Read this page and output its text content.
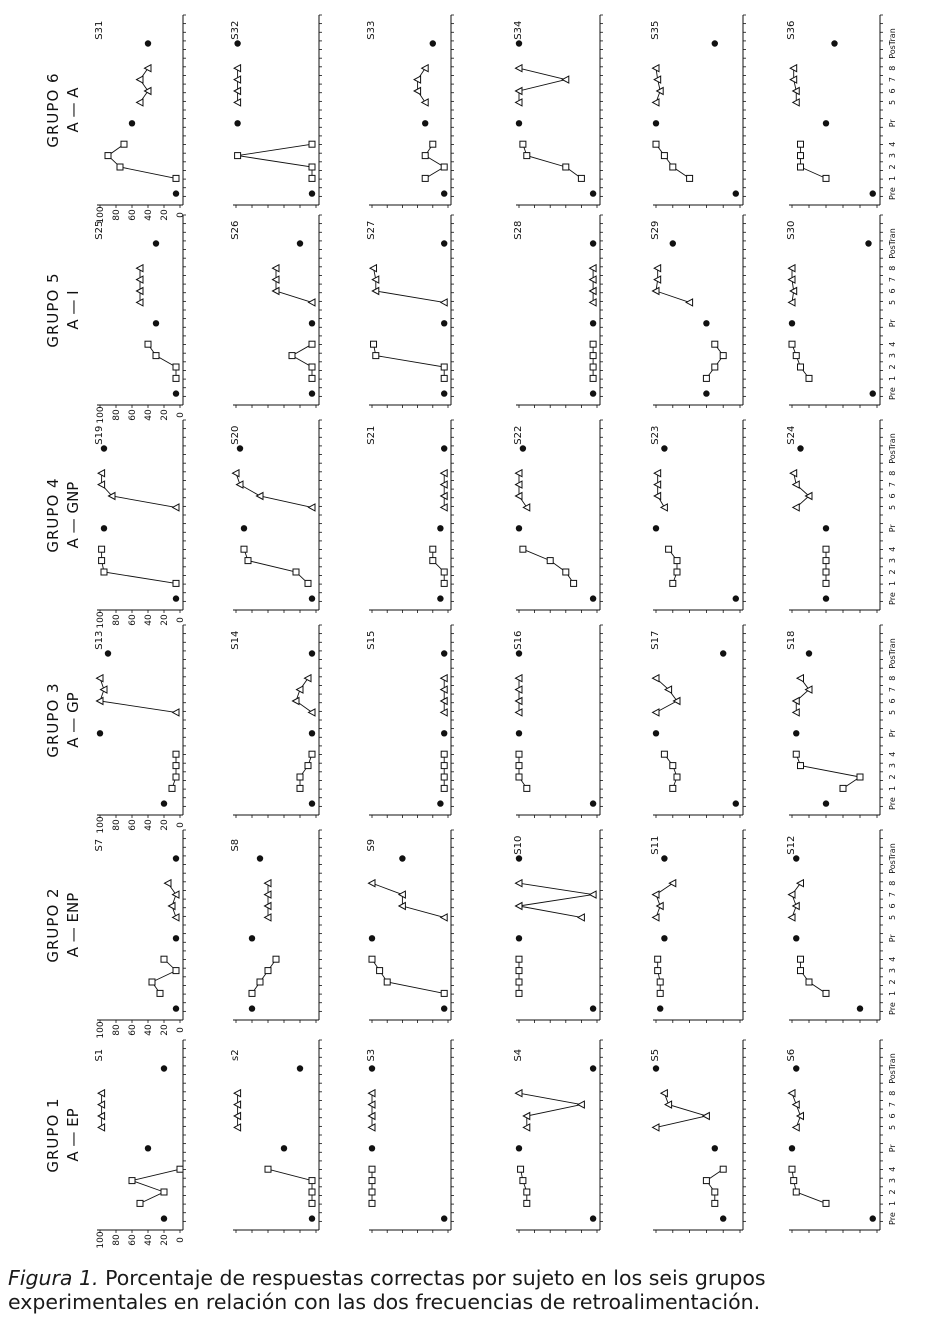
GRUPO 1 A — EP
GRUPO 2 A — ENP
GRUPO 3 A — GP
GRUPO 4 A — GNP
GRUPO 5 A — I
GRUPO 6 A — A
100 80 60 40 20 0
S1	s2	S3	S4	S5
Pre
1
2
3
4
Pr
5
6
7
8
PosTran
S6
100 80 60 40 20 0
S7	S8	S9	S10	S11
Pre
1
2
3
4
Pr
5
6
7
8
PosTran
S12
100 80 60 40 20 0
S13	S14	S15	S16	S17
Pre
1
2
3
4
Pr
5
6
7
8
PosTran
S18
100 80 60 40 20 0
S19	S20	S21	S22	S23
Pre
1
2
3
4
Pr
5
6
7
8
PosTran
S24
100 80 60 40 20 0
S25	S26	S27	S28	S29
Pre
1
2
3
4
Pr
5
6
7
8
PosTran
S30
100 80 60 40 20 0
S31	S32	S33	S34	S35
Pre
1
2
3
4
Pr
5
6
7
8
PosTran
S36
Figura 1. Porcentaje de respuestas correctas por sujeto en los seis grupos experimentales en relación con las dos frecuencias de retroalimentación.
